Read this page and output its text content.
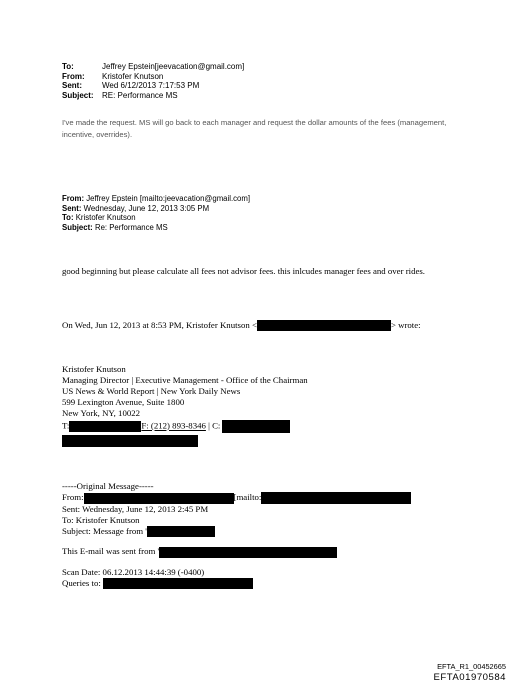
To:	Jeffrey Epstein[jeevacation@gmail.com]
From: Kristofer Knutson
Sent:	Wed 6/12/2013 7:17:53 PM
Subject: RE: Performance MS
I've made the request. MS will go back to each manager and request the dollar amounts of the fees (management, incentive, overrides).
From: Jeffrey Epstein [mailto:jeevacation@gmail.com]
Sent: Wednesday, June 12, 2013 3:05 PM
To: Kristofer Knutson
Subject: Re: Performance MS
good beginning but please calculate all fees not advisor fees. this inlcudes manager fees and over rides.
On Wed, Jun 12, 2013 at 8:53 PM, Kristofer Knutson <	> wrote:
Kristofer Knutson
Managing Director | Executive Management - Office of the Chairman
US News & World Report | New York Daily News
599 Lexington Avenue, Suite 1800
New York, NY, 10022
T:	F: (212) 893-8346 | C:
-----Original Message-----
From:	[mailto:
Sent: Wednesday, June 12, 2013 2:45 PM
To: Kristofer Knutson
Subject: Message from '
This E-mail was sent from '
Scan Date: 06.12.2013 14:44:39 (-0400)
Queries to:
EFTA_R1_00452665
EFTA01970584
